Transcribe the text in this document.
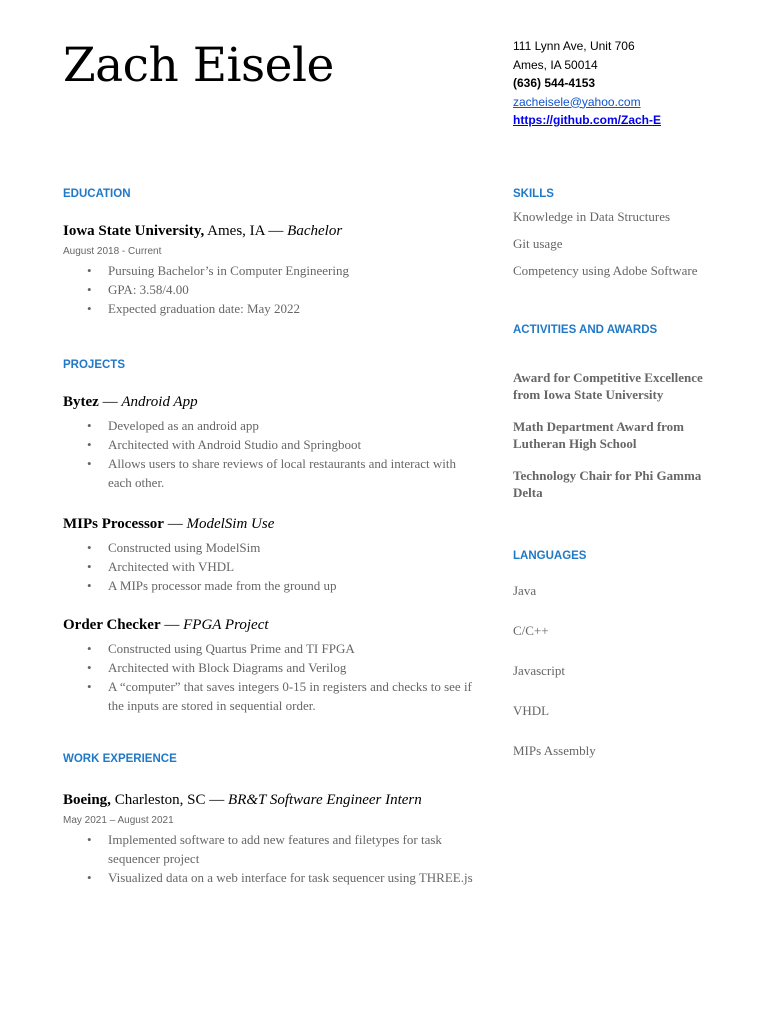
Zach Eisele	111 Lynn Ave, Unit 706
Ames, IA 50014
(636) 544-4153
zacheisele@yahoo.com
https://github.com/Zach-E
EDUCATION

Iowa State University, Ames, IA — Bachelor

August 2018 - Current
• Pursuing Bachelor’s in Computer Engineering
• GPA: 3.58/4.00
• Expected graduation date: May 2022
PROJECTS

Bytez — Android App

• Developed as an android app
• Architected with Android Studio and Springboot
• Allows users to share reviews of local restaurants and interact with each other.

MIPs Processor — ModelSim Use

• Constructed using ModelSim
• Architected with VHDL
• A MIPs processor made from the ground up

Order Checker — FPGA Project

• Constructed using Quartus Prime and TI FPGA
• Architected with Block Diagrams and Verilog
• A “computer” that saves integers 0-15 in registers and checks to see if the inputs are stored in sequential order.
WORK EXPERIENCE

Boeing, Charleston, SC — BR&T Software Engineer Intern

May 2021 – August 2021
• Implemented software to add new features and filetypes for task sequencer project
• Visualized data on a web interface for task sequencer using THREE.js
SKILLS
Knowledge in Data Structures
Git usage
Competency using Adobe Software
ACTIVITIES AND AWARDS
Award for Competitive Excellence from Iowa State University
Math Department Award from Lutheran High School
Technology Chair for Phi Gamma Delta
LANGUAGES
Java
C/C++
Javascript
VHDL
MIPs Assembly
